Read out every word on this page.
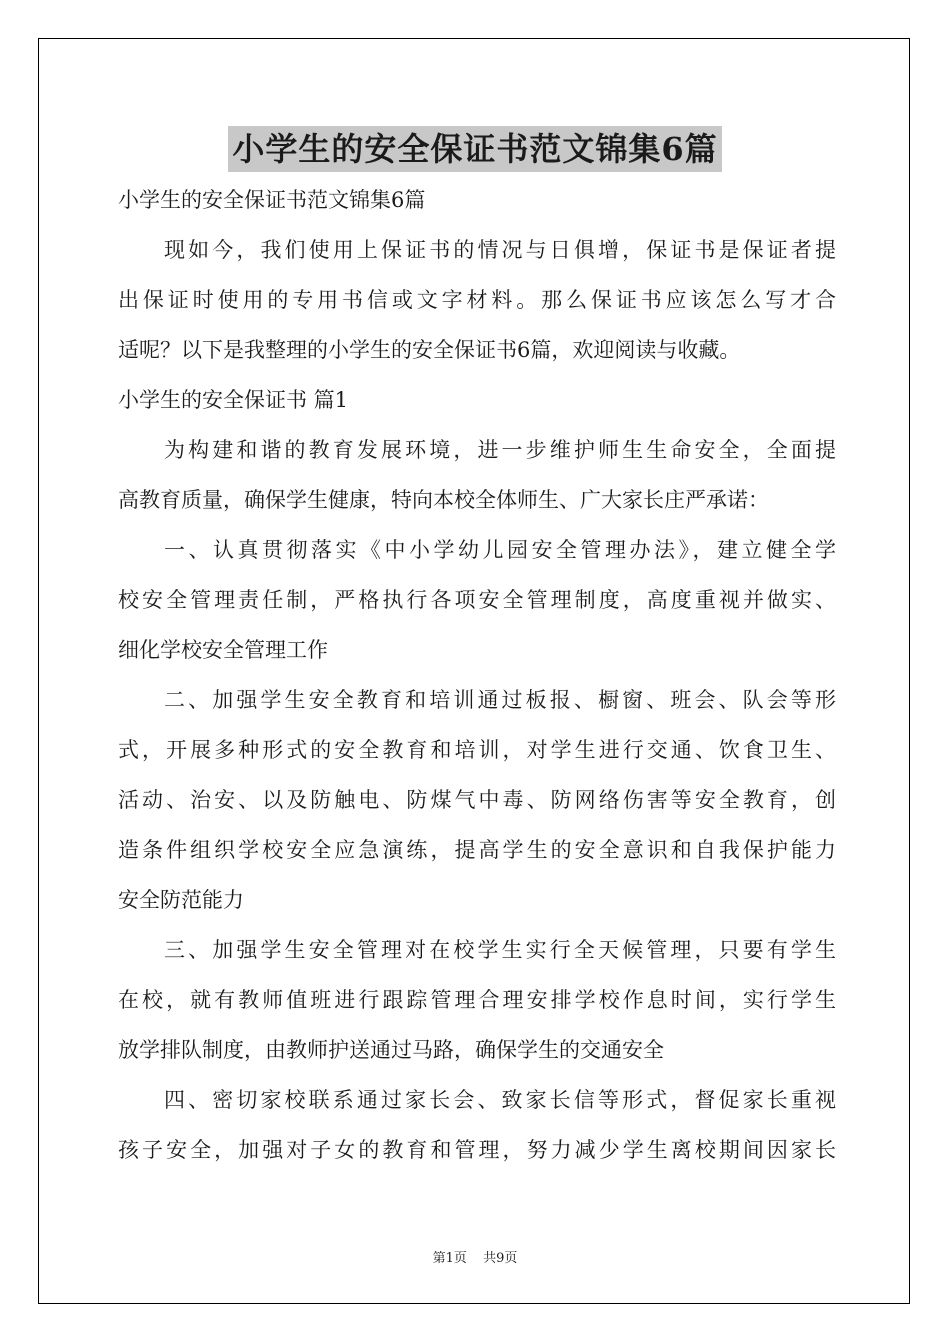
小学生的安全保证书范文锦集6篇
小学生的安全保证书范文锦集6篇
现如今，我们使用上保证书的情况与日俱增，保证书是保证者提
出保证时使用的专用书信或文字材料。那么保证书应该怎么写才合
适呢？以下是我整理的小学生的安全保证书6篇，欢迎阅读与收藏。
小学生的安全保证书 篇1
为构建和谐的教育发展环境，进一步维护师生生命安全，全面提
高教育质量，确保学生健康，特向本校全体师生、广大家长庄严承诺：
一、认真贯彻落实《中小学幼儿园安全管理办法》，建立健全学
校安全管理责任制，严格执行各项安全管理制度，高度重视并做实、
细化学校安全管理工作
二、加强学生安全教育和培训通过板报、橱窗、班会、队会等形
式，开展多种形式的安全教育和培训，对学生进行交通、饮食卫生、
活动、治安、以及防触电、防煤气中毒、防网络伤害等安全教育，创
造条件组织学校安全应急演练，提高学生的安全意识和自我保护能力
安全防范能力
三、加强学生安全管理对在校学生实行全天候管理，只要有学生
在校，就有教师值班进行跟踪管理合理安排学校作息时间，实行学生
放学排队制度，由教师护送通过马路，确保学生的交通安全
四、密切家校联系通过家长会、致家长信等形式，督促家长重视
孩子安全，加强对子女的教育和管理，努力减少学生离校期间因家长
第1页 共9页
